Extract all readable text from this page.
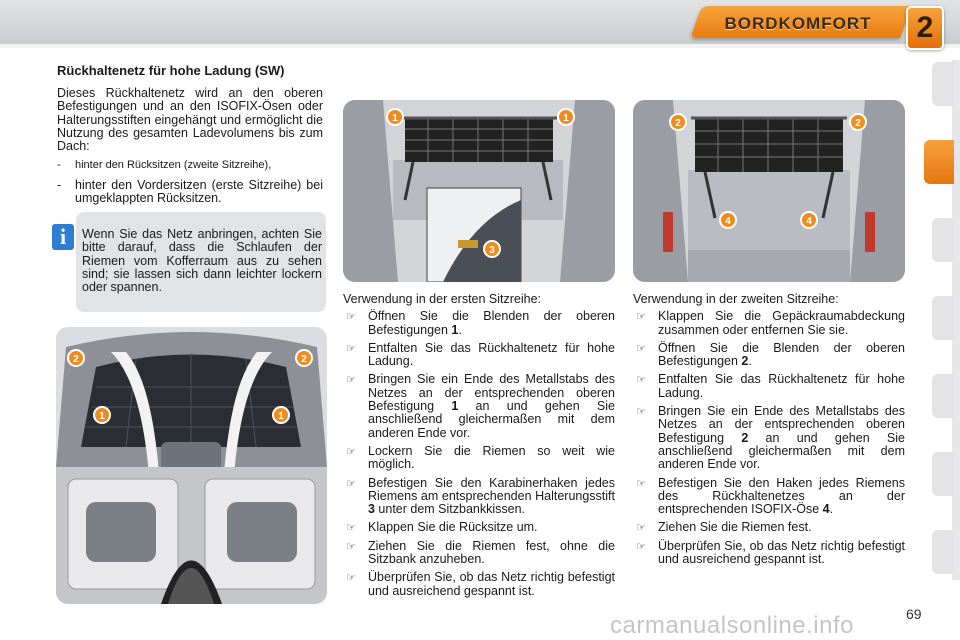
BORDKOMFORT	2
Rückhaltenetz für hohe Ladung (SW)

Dieses Rückhaltenetz wird an den oberen Befestigungen und an den ISOFIX-Ösen oder Halterungsstiften eingehängt und ermöglicht die Nutzung des gesamten Ladevolumens bis zum Dach:

- hinter den Rücksitzen (zweite Sitzreihe),
- hinter den Vordersitzen (erste Sitzreihe) bei umgeklappten Rücksitzen.
i	Wenn Sie das Netz anbringen, achten Sie bitte darauf, dass die Schlaufen der Riemen vom Kofferraum aus zu sehen sind; sie lassen sich dann leichter lockern oder spannen.
2	2
1	1
1	1
3
2	2
4	4

Verwendung in der ersten Sitzreihe:

☞ Öffnen Sie die Blenden der oberen Befestigungen 1.
☞ Entfalten Sie das Rückhaltenetz für hohe Ladung.
☞ Bringen Sie ein Ende des Metallstabs des Netzes an der entsprechenden oberen Befestigung 1 an und gehen Sie anschließend gleichermaßen mit dem anderen Ende vor.
☞ Lockern Sie die Riemen so weit wie möglich.
☞ Befestigen Sie den Karabinerhaken jedes Riemens am entsprechenden Halterungsstift 3 unter dem Sitzbankkissen.
☞ Klappen Sie die Rücksitze um.
☞ Ziehen Sie die Riemen fest, ohne die Sitzbank anzuheben.
☞ Überprüfen Sie, ob das Netz richtig befestigt und ausreichend gespannt ist.

Verwendung in der zweiten Sitzreihe:

☞ Klappen Sie die Gepäckraumabdeckung zusammen oder entfernen Sie sie.
☞ Öffnen Sie die Blenden der oberen Befestigungen 2.
☞ Entfalten Sie das Rückhaltenetz für hohe Ladung.
☞ Bringen Sie ein Ende des Metallstabs des Netzes an der entsprechenden oberen Befestigung 2 an und gehen Sie anschließend gleichermaßen mit dem anderen Ende vor.
☞ Befestigen Sie den Haken jedes Riemens des Rückhaltenetzes an der entsprechenden ISOFIX-Öse 4.
☞ Ziehen Sie die Riemen fest.
☞ Überprüfen Sie, ob das Netz richtig befestigt und ausreichend gespannt ist.
carmanualsonline.info	69
